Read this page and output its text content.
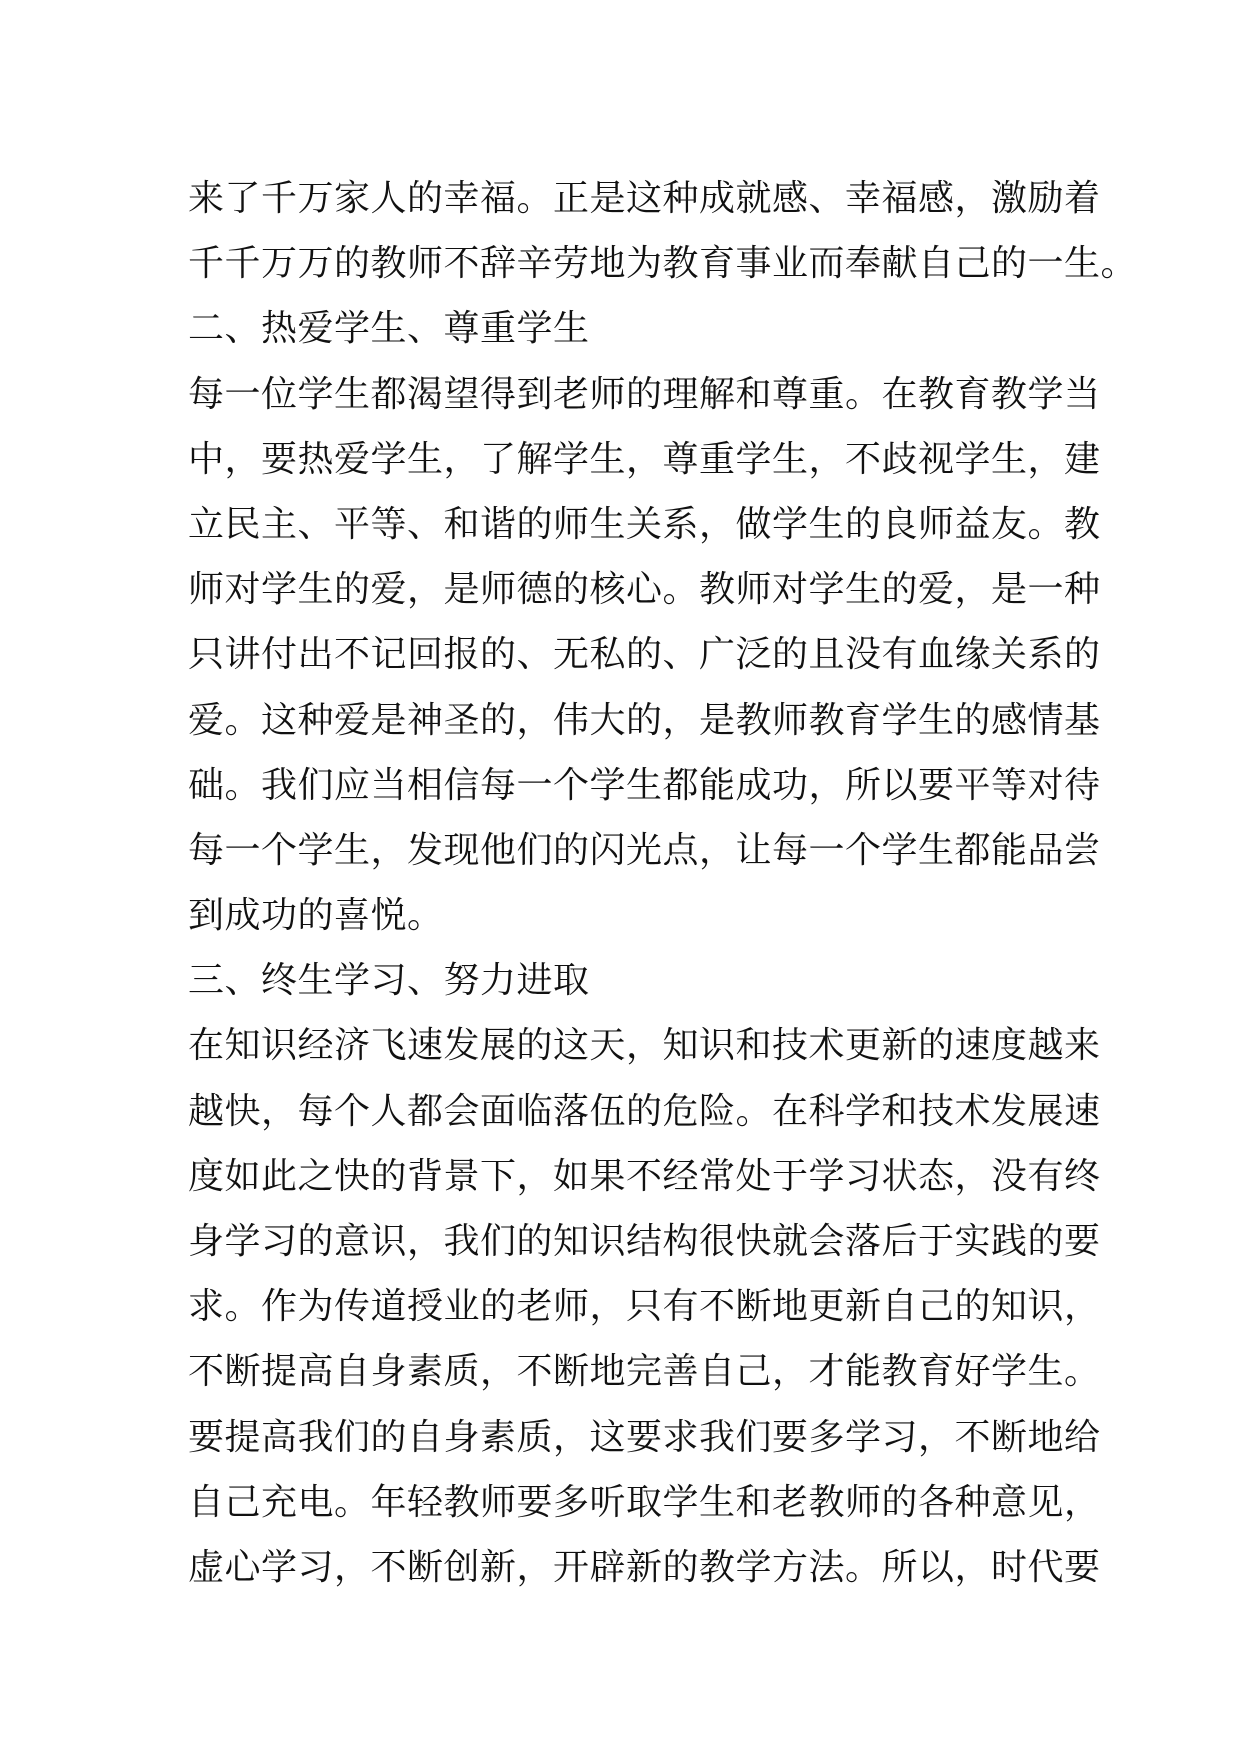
来了千万家人的幸福。正是这种成就感、幸福感，激励着
千千万万的教师不辞辛劳地为教育事业而奉献自己的一生。
二、热爱学生、尊重学生
每一位学生都渴望得到老师的理解和尊重。在教育教学当
中，要热爱学生，了解学生，尊重学生，不歧视学生，建
立民主、平等、和谐的师生关系，做学生的良师益友。教
师对学生的爱，是师德的核心。教师对学生的爱，是一种
只讲付出不记回报的、无私的、广泛的且没有血缘关系的
爱。这种爱是神圣的，伟大的，是教师教育学生的感情基
础。我们应当相信每一个学生都能成功，所以要平等对待
每一个学生，发现他们的闪光点，让每一个学生都能品尝
到成功的喜悦。
三、终生学习、努力进取
在知识经济飞速发展的这天，知识和技术更新的速度越来
越快，每个人都会面临落伍的危险。在科学和技术发展速
度如此之快的背景下，如果不经常处于学习状态，没有终
身学习的意识，我们的知识结构很快就会落后于实践的要
求。作为传道授业的老师，只有不断地更新自己的知识，
不断提高自身素质，不断地完善自己，才能教育好学生。
要提高我们的自身素质，这要求我们要多学习，不断地给
自己充电。年轻教师要多听取学生和老教师的各种意见，
虚心学习，不断创新，开辟新的教学方法。所以，时代要
